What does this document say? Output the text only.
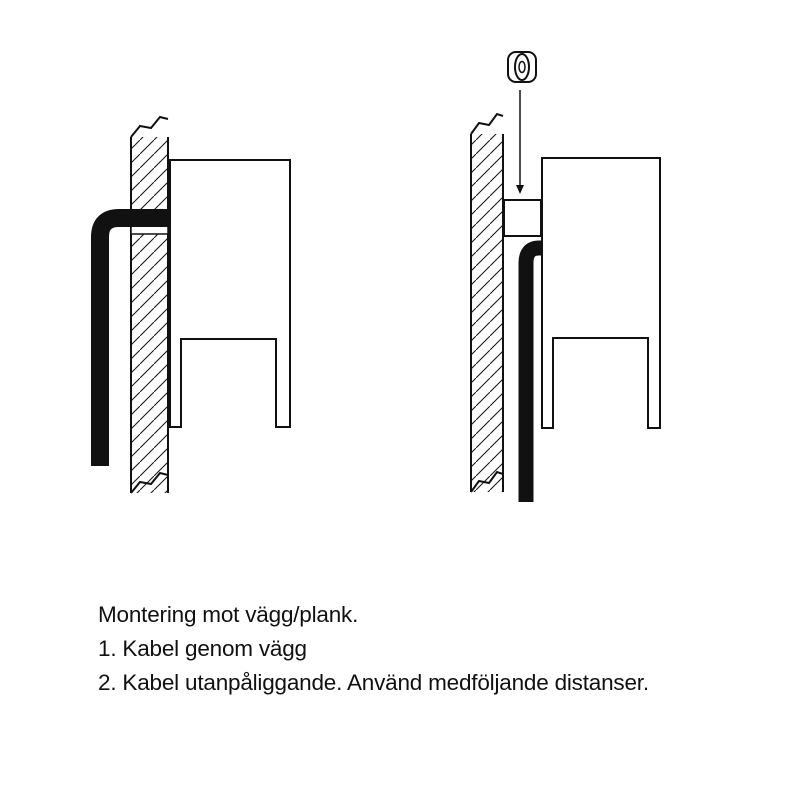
Montering mot vägg/plank.
1. Kabel genom vägg
2. Kabel utanpåliggande. Använd medföljande distanser.
